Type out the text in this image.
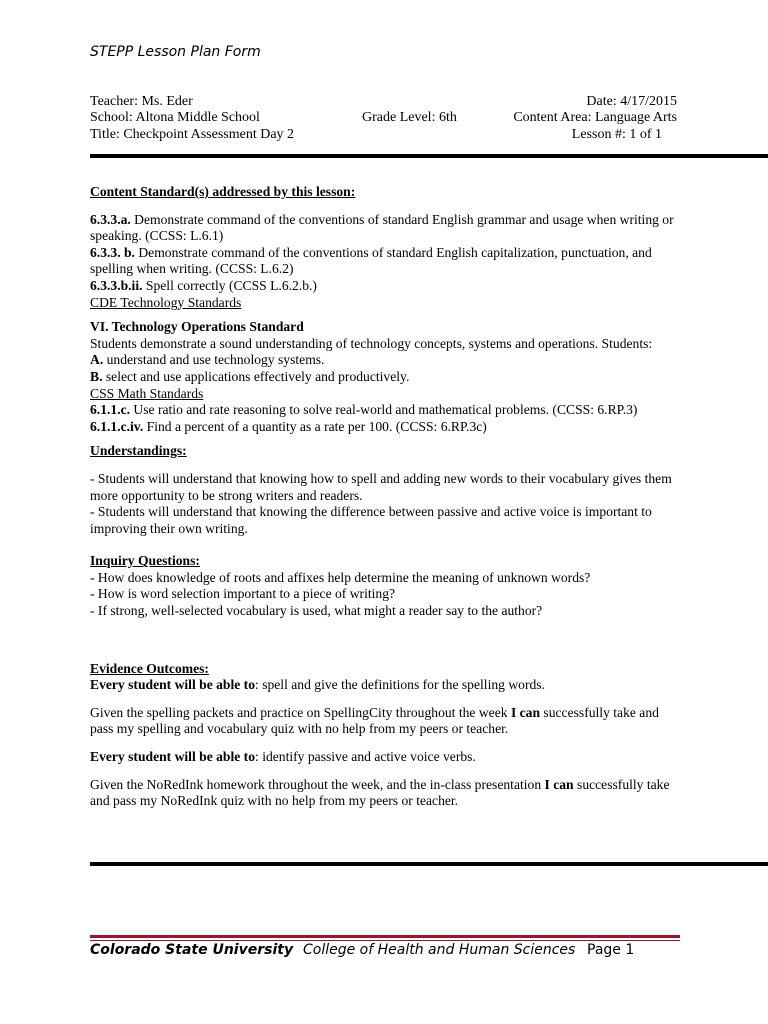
STEPP Lesson Plan Form
Teacher: Ms. Eder	Date: 4/17/2015
School: Altona Middle School	Grade Level: 6th	Content Area: Language Arts
Title: Checkpoint Assessment Day 2	Lesson #: 1 of 1

Content Standard(s) addressed by this lesson:

6.3.3.a. Demonstrate command of the conventions of standard English grammar and usage when writing or speaking. (CCSS: L.6.1)

6.3.3. b. Demonstrate command of the conventions of standard English capitalization, punctuation, and spelling when writing. (CCSS: L.6.2)

6.3.3.b.ii. Spell correctly (CCSS L.6.2.b.)

CDE Technology Standards

VI. Technology Operations Standard

Students demonstrate a sound understanding of technology concepts, systems and operations. Students:

A. understand and use technology systems.

B. select and use applications effectively and productively.

CSS Math Standards

6.1.1.c. Use ratio and rate reasoning to solve real-world and mathematical problems. (CCSS: 6.RP.3)

6.1.1.c.iv. Find a percent of a quantity as a rate per 100. (CCSS: 6.RP.3c)

Understandings:

- Students will understand that knowing how to spell and adding new words to their vocabulary gives them more opportunity to be strong writers and readers.

- Students will understand that knowing the difference between passive and active voice is important to improving their own writing.

Inquiry Questions:

- How does knowledge of roots and affixes help determine the meaning of unknown words?

- How is word selection important to a piece of writing?

- If strong, well-selected vocabulary is used, what might a reader say to the author?

Evidence Outcomes:

Every student will be able to: spell and give the definitions for the spelling words.

Given the spelling packets and practice on SpellingCity throughout the week I can successfully take and pass my spelling and vocabulary quiz with no help from my peers or teacher.

Every student will be able to: identify passive and active voice verbs.

Given the NoRedInk homework throughout the week, and the in-class presentation I can successfully take and pass my NoRedInk quiz with no help from my peers or teacher.

Colorado State University College of Health and Human Sciences Page 1
